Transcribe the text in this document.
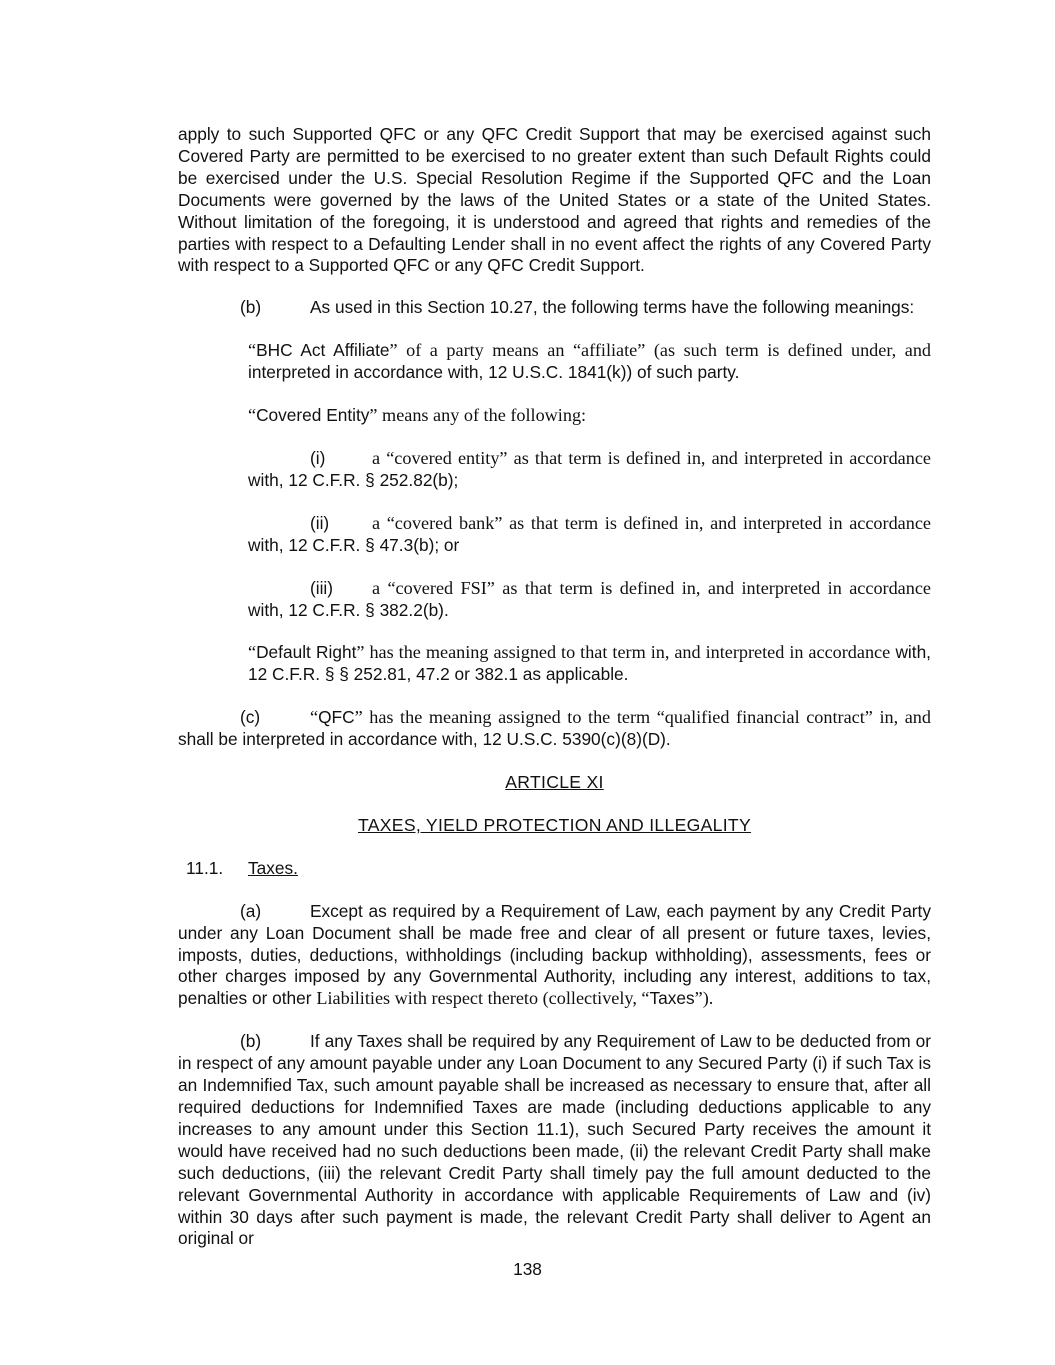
apply to such Supported QFC or any QFC Credit Support that may be exercised against such Covered Party are permitted to be exercised to no greater extent than such Default Rights could be exercised under the U.S. Special Resolution Regime if the Supported QFC and the Loan Documents were governed by the laws of the United States or a state of the United States. Without limitation of the foregoing, it is understood and agreed that rights and remedies of the parties with respect to a Defaulting Lender shall in no event affect the rights of any Covered Party with respect to a Supported QFC or any QFC Credit Support.

(b)	As used in this Section 10.27, the following terms have the following meanings:

“BHC Act Affiliate” of a party means an “affiliate” (as such term is defined under, and interpreted in accordance with, 12 U.S.C. 1841(k)) of such party.

“Covered Entity” means any of the following:

(i)	a “covered entity” as that term is defined in, and interpreted in accordance with, 12 C.F.R. § 252.82(b);

(ii) a “covered bank” as that term is defined in, and interpreted in accordance with, 12 C.F.R. § 47.3(b); or

(iii) a “covered FSI” as that term is defined in, and interpreted in accordance with, 12 C.F.R. § 382.2(b).

“Default Right” has the meaning assigned to that term in, and interpreted in accordance with, 12 C.F.R. § § 252.81, 47.2 or 382.1 as applicable.

(c)	“QFC” has the meaning assigned to the term “qualified financial contract” in, and shall be interpreted in accordance with, 12 U.S.C. 5390(c)(8)(D).

ARTICLE XI

TAXES, YIELD PROTECTION AND ILLEGALITY

11.1. Taxes.

(a)	Except as required by a Requirement of Law, each payment by any Credit Party under any Loan Document shall be made free and clear of all present or future taxes, levies, imposts, duties, deductions, withholdings (including backup withholding), assessments, fees or other charges imposed by any Governmental Authority, including any interest, additions to tax, penalties or other Liabilities with respect thereto (collectively, “Taxes”).

(b)	If any Taxes shall be required by any Requirement of Law to be deducted from or in respect of any amount payable under any Loan Document to any Secured Party (i) if such Tax is an Indemnified Tax, such amount payable shall be increased as necessary to ensure that, after all required deductions for Indemnified Taxes are made (including deductions applicable to any increases to any amount under this Section 11.1), such Secured Party receives the amount it would have received had no such deductions been made, (ii) the relevant Credit Party shall make such deductions, (iii) the relevant Credit Party shall timely pay the full amount deducted to the relevant Governmental Authority in accordance with applicable Requirements of Law and (iv) within 30 days after such payment is made, the relevant Credit Party shall deliver to Agent an original or

138
